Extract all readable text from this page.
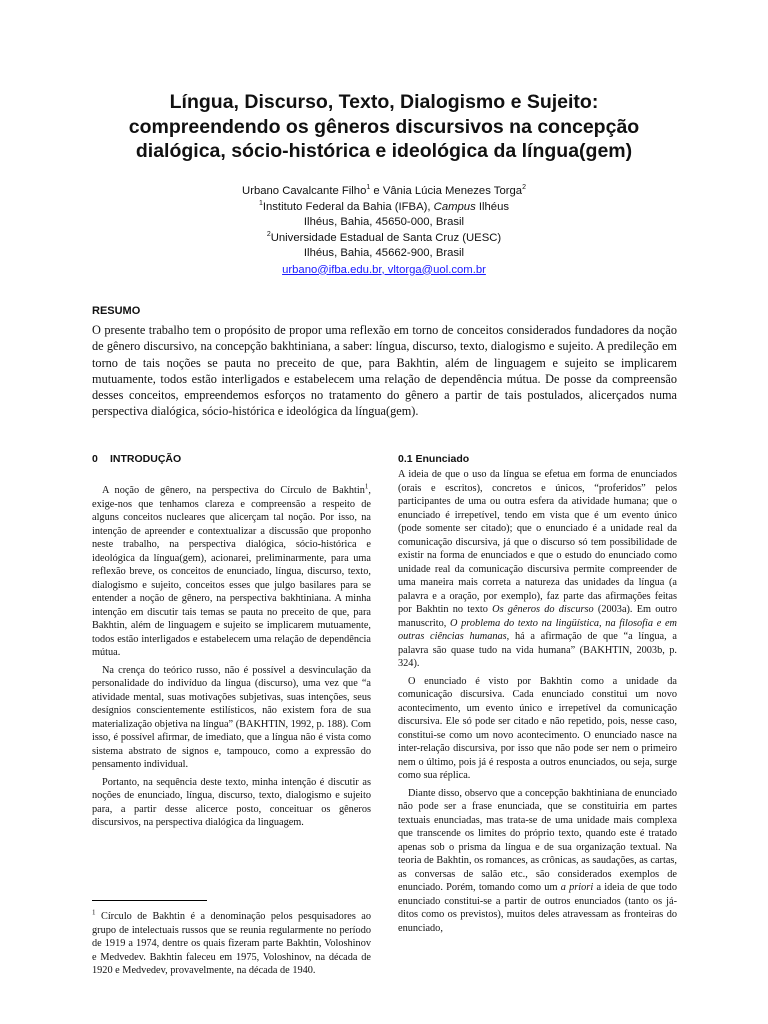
Língua, Discurso, Texto, Dialogismo e Sujeito:
compreendendo os gêneros discursivos na concepção
dialógica, sócio-histórica e ideológica da língua(gem)
Urbano Cavalcante Filho$^1$ e Vânia Lúcia Menezes Torga$^2$
$^1$Instituto Federal da Bahia (IFBA), Campus Ilhéus
Ilhéus, Bahia, 45650-000, Brasil
$^2$Universidade Estadual de Santa Cruz (UESC)
Ilhéus, Bahia, 45662-900, Brasil
urbano@ifba.edu.br, vltorga@uol.com.br
RESUMO
O presente trabalho tem o propósito de propor uma reflexão em torno de conceitos considerados fundadores da noção de gênero discursivo, na concepção bakhtiniana, a saber: língua, discurso, texto, dialogismo e sujeito. A predileção em torno de tais noções se pauta no preceito de que, para Bakhtin, além de linguagem e sujeito se implicarem mutuamente, todos estão interligados e estabelecem uma relação de dependência mútua. De posse da compreensão desses conceitos, empreendemos esforços no tratamento do gênero a partir de tais postulados, alicerçados numa perspectiva dialógica, sócio-histórica e ideológica da língua(gem).
0 INTRODUÇÃO

A noção de gênero, na perspectiva do Círculo de Bakhtin$^1$, exige-nos que tenhamos clareza e compreensão a respeito de alguns conceitos nucleares que alicerçam tal noção. Por isso, na intenção de apreender e contextualizar a discussão que proponho neste trabalho, na perspectiva dialógica, sócio-histórica e ideológica da língua(gem), acionarei, preliminarmente, para uma reflexão breve, os conceitos de enunciado, língua, discurso, texto, dialogismo e sujeito, conceitos esses que julgo basilares para se entender a noção de gênero, na perspectiva bakhtiniana. A minha intenção em discutir tais temas se pauta no preceito de que, para Bakhtin, além de linguagem e sujeito se implicarem mutuamente, todos estão interligados e estabelecem uma relação de dependência mútua.

Na crença do teórico russo, não é possível a desvinculação da personalidade do indivíduo da língua (discurso), uma vez que “a atividade mental, suas motivações subjetivas, suas intenções, seus desígnios conscientemente estilísticos, não existem fora de sua materialização objetiva na língua” (BAKHTIN, 1992, p. 188). Com isso, é possível afirmar, de imediato, que a língua não é vista como sistema abstrato de signos e, tampouco, como a expressão do pensamento individual.

Portanto, na sequência deste texto, minha intenção é discutir as noções de enunciado, língua, discurso, texto, dialogismo e sujeito para, a partir desse alicerce posto, conceituar os gêneros discursivos, na perspectiva dialógica da linguagem.

$^1$ Círculo de Bakhtin é a denominação pelos pesquisadores ao grupo de intelectuais russos que se reunia regularmente no período de 1919 a 1974, dentre os quais fizeram parte Bakhtin, Voloshinov e Medvedev. Bakhtin faleceu em 1975, Voloshinov, na década de 1920 e Medvedev, provavelmente, na década de 1940.
0.1 Enunciado

A ideia de que o uso da língua se efetua em forma de enunciados (orais e escritos), concretos e únicos, “proferidos” pelos participantes de uma ou outra esfera da atividade humana; que o enunciado é irrepetível, tendo em vista que é um evento único (pode somente ser citado); que o enunciado é a unidade real da comunicação discursiva, já que o discurso só tem possibilidade de existir na forma de enunciados e que o estudo do enunciado como unidade real da comunicação discursiva permite compreender de uma maneira mais correta a natureza das unidades da língua (a palavra e a oração, por exemplo), faz parte das afirmações feitas por Bakhtin no texto Os gêneros do discurso (2003a). Em outro manuscrito, O problema do texto na lingüística, na filosofia e em outras ciências humanas, há a afirmação de que “a língua, a palavra são quase tudo na vida humana” (BAKHTIN, 2003b, p. 324).

O enunciado é visto por Bakhtin como a unidade da comunicação discursiva. Cada enunciado constitui um novo acontecimento, um evento único e irrepetível da comunicação discursiva. Ele só pode ser citado e não repetido, pois, nesse caso, constitui-se como um novo acontecimento. O enunciado nasce na inter-relação discursiva, por isso que não pode ser nem o primeiro nem o último, pois já é resposta a outros enunciados, ou seja, surge como sua réplica.

Diante disso, observo que a concepção bakhtiniana de enunciado não pode ser a frase enunciada, que se constituiria em partes textuais enunciadas, mas trata-se de uma unidade mais complexa que transcende os limites do próprio texto, quando este é tratado apenas sob o prisma da língua e de sua organização textual. Na teoria de Bakhtin, os romances, as crônicas, as saudações, as cartas, as conversas de salão etc., são considerados exemplos de enunciado. Porém, tomando como um a priori a ideia de que todo enunciado constitui-se a partir de outros enunciados (tanto os já-ditos como os previstos), muitos deles atravessam as fronteiras do enunciado,
